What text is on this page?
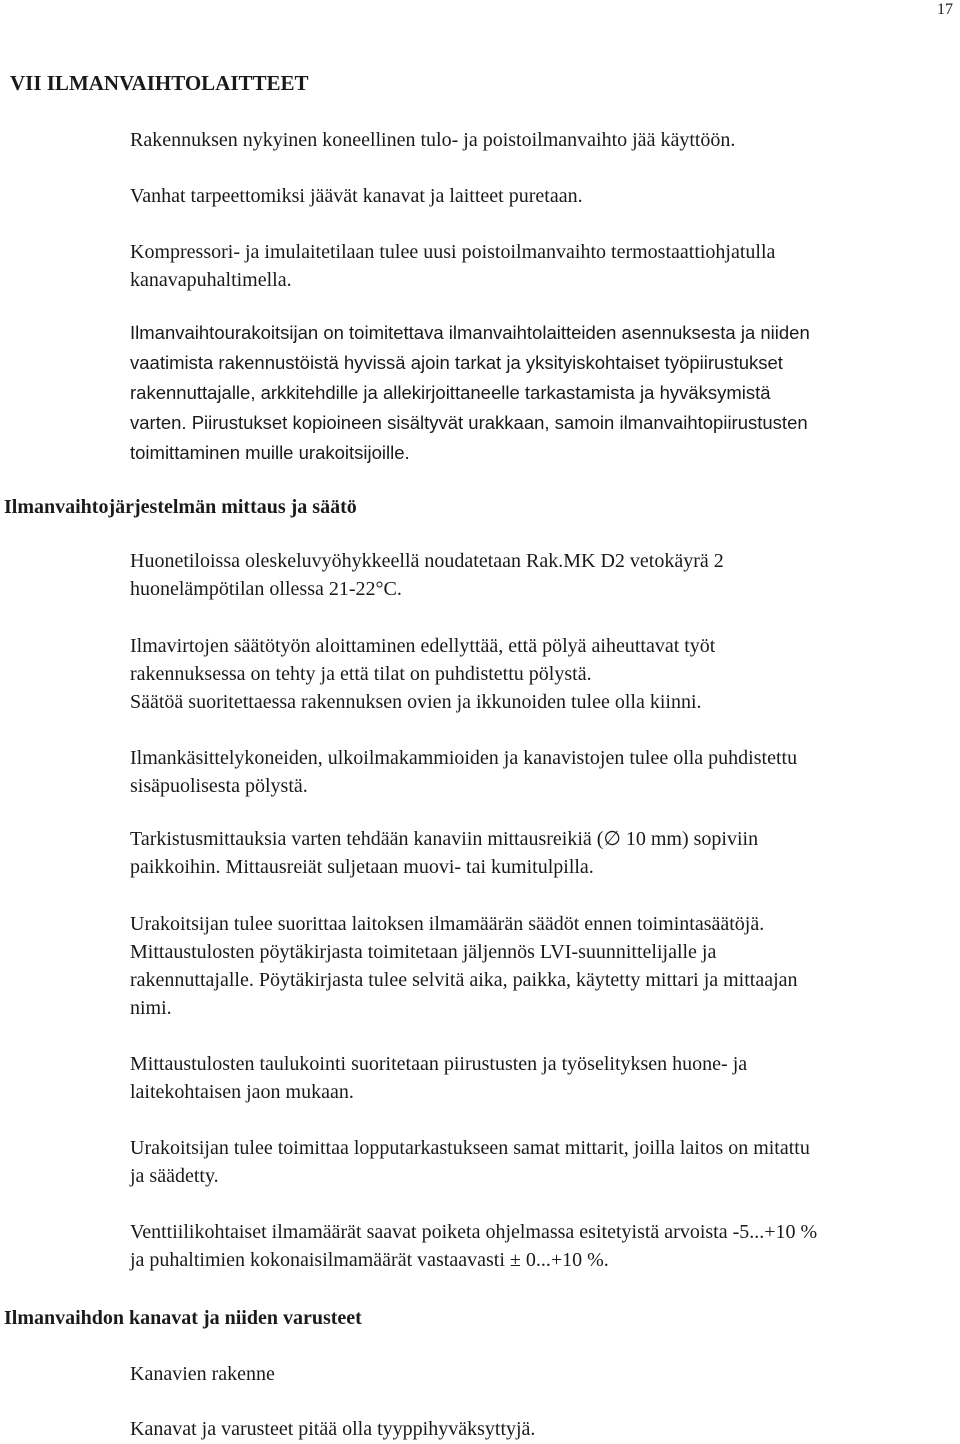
17
VII ILMANVAIHTOLAITTEET

Rakennuksen nykyinen koneellinen tulo- ja poistoilmanvaihto jää käyttöön.

Vanhat tarpeettomiksi jäävät kanavat ja laitteet puretaan.

Kompressori- ja imulaitetilaan tulee uusi poistoilmanvaihto termostaattiohjatulla
kanavapuhaltimella.

Ilmanvaihtourakoitsijan on toimitettava ilmanvaihtolaitteiden asennuksesta ja niiden
vaatimista rakennustöistä hyvissä ajoin tarkat ja yksityiskohtaiset työpiirustukset
rakennuttajalle, arkkitehdille ja allekirjoittaneelle tarkastamista ja hyväksymistä
varten. Piirustukset kopioineen sisältyvät urakkaan, samoin ilmanvaihtopiirustusten
toimittaminen muille urakoitsijoille.

Ilmanvaihtojärjestelmän mittaus ja säätö

Huonetiloissa oleskeluvyöhykkeellä noudatetaan Rak.MK D2 vetokäyrä 2
huonelämpötilan ollessa 21-22°C.

Ilmavirtojen säätötyön aloittaminen edellyttää, että pölyä aiheuttavat työt
rakennuksessa on tehty ja että tilat on puhdistettu pölystä.
Säätöä suoritettaessa rakennuksen ovien ja ikkunoiden tulee olla kiinni.

Ilmankäsittelykoneiden, ulkoilmakammioiden ja kanavistojen tulee olla puhdistettu
sisäpuolisesta pölystä.

Tarkistusmittauksia varten tehdään kanaviin mittausreikiä (∅ 10 mm) sopiviin
paikkoihin. Mittausreiät suljetaan muovi- tai kumitulpilla.

Urakoitsijan tulee suorittaa laitoksen ilmamäärän säädöt ennen toimintasäätöjä.
Mittaustulosten pöytäkirjasta toimitetaan jäljennös LVI-suunnittelijalle ja
rakennuttajalle. Pöytäkirjasta tulee selvitä aika, paikka, käytetty mittari ja mittaajan
nimi.

Mittaustulosten taulukointi suoritetaan piirustusten ja työselityksen huone- ja
laitekohtaisen jaon mukaan.

Urakoitsijan tulee toimittaa lopputarkastukseen samat mittarit, joilla laitos on mitattu
ja säädetty.

Venttiilikohtaiset ilmamäärät saavat poiketa ohjelmassa esitetyistä arvoista -5...+10 %
ja puhaltimien kokonaisilmamäärät vastaavasti ± 0...+10 %.

Ilmanvaihdon kanavat ja niiden varusteet

Kanavien rakenne

Kanavat ja varusteet pitää olla tyyppihyväksyttyjä.
